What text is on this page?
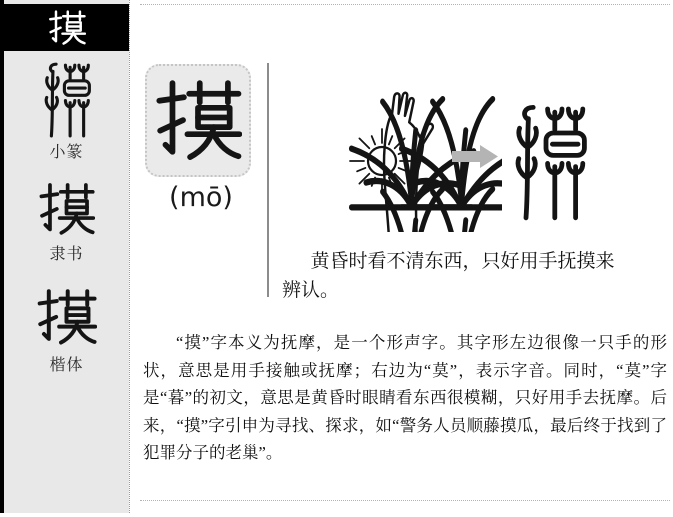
小篆
隶书
楷体
(mō)
黄昏时看不清东西，只好用手抚摸来辨认。

“摸”字本义为抚摩，是一个形声字。其字形左边很像一只手的形状，意思是用手接触或抚摩；右边为“莫”，表示字音。同时，“莫”字是“暮”的初文，意思是黄昏时眼睛看东西很模糊，只好用手去抚摩。后来，“摸”字引申为寻找、探求，如“警务人员顺藤摸瓜，最后终于找到了犯罪分子的老巢”。
